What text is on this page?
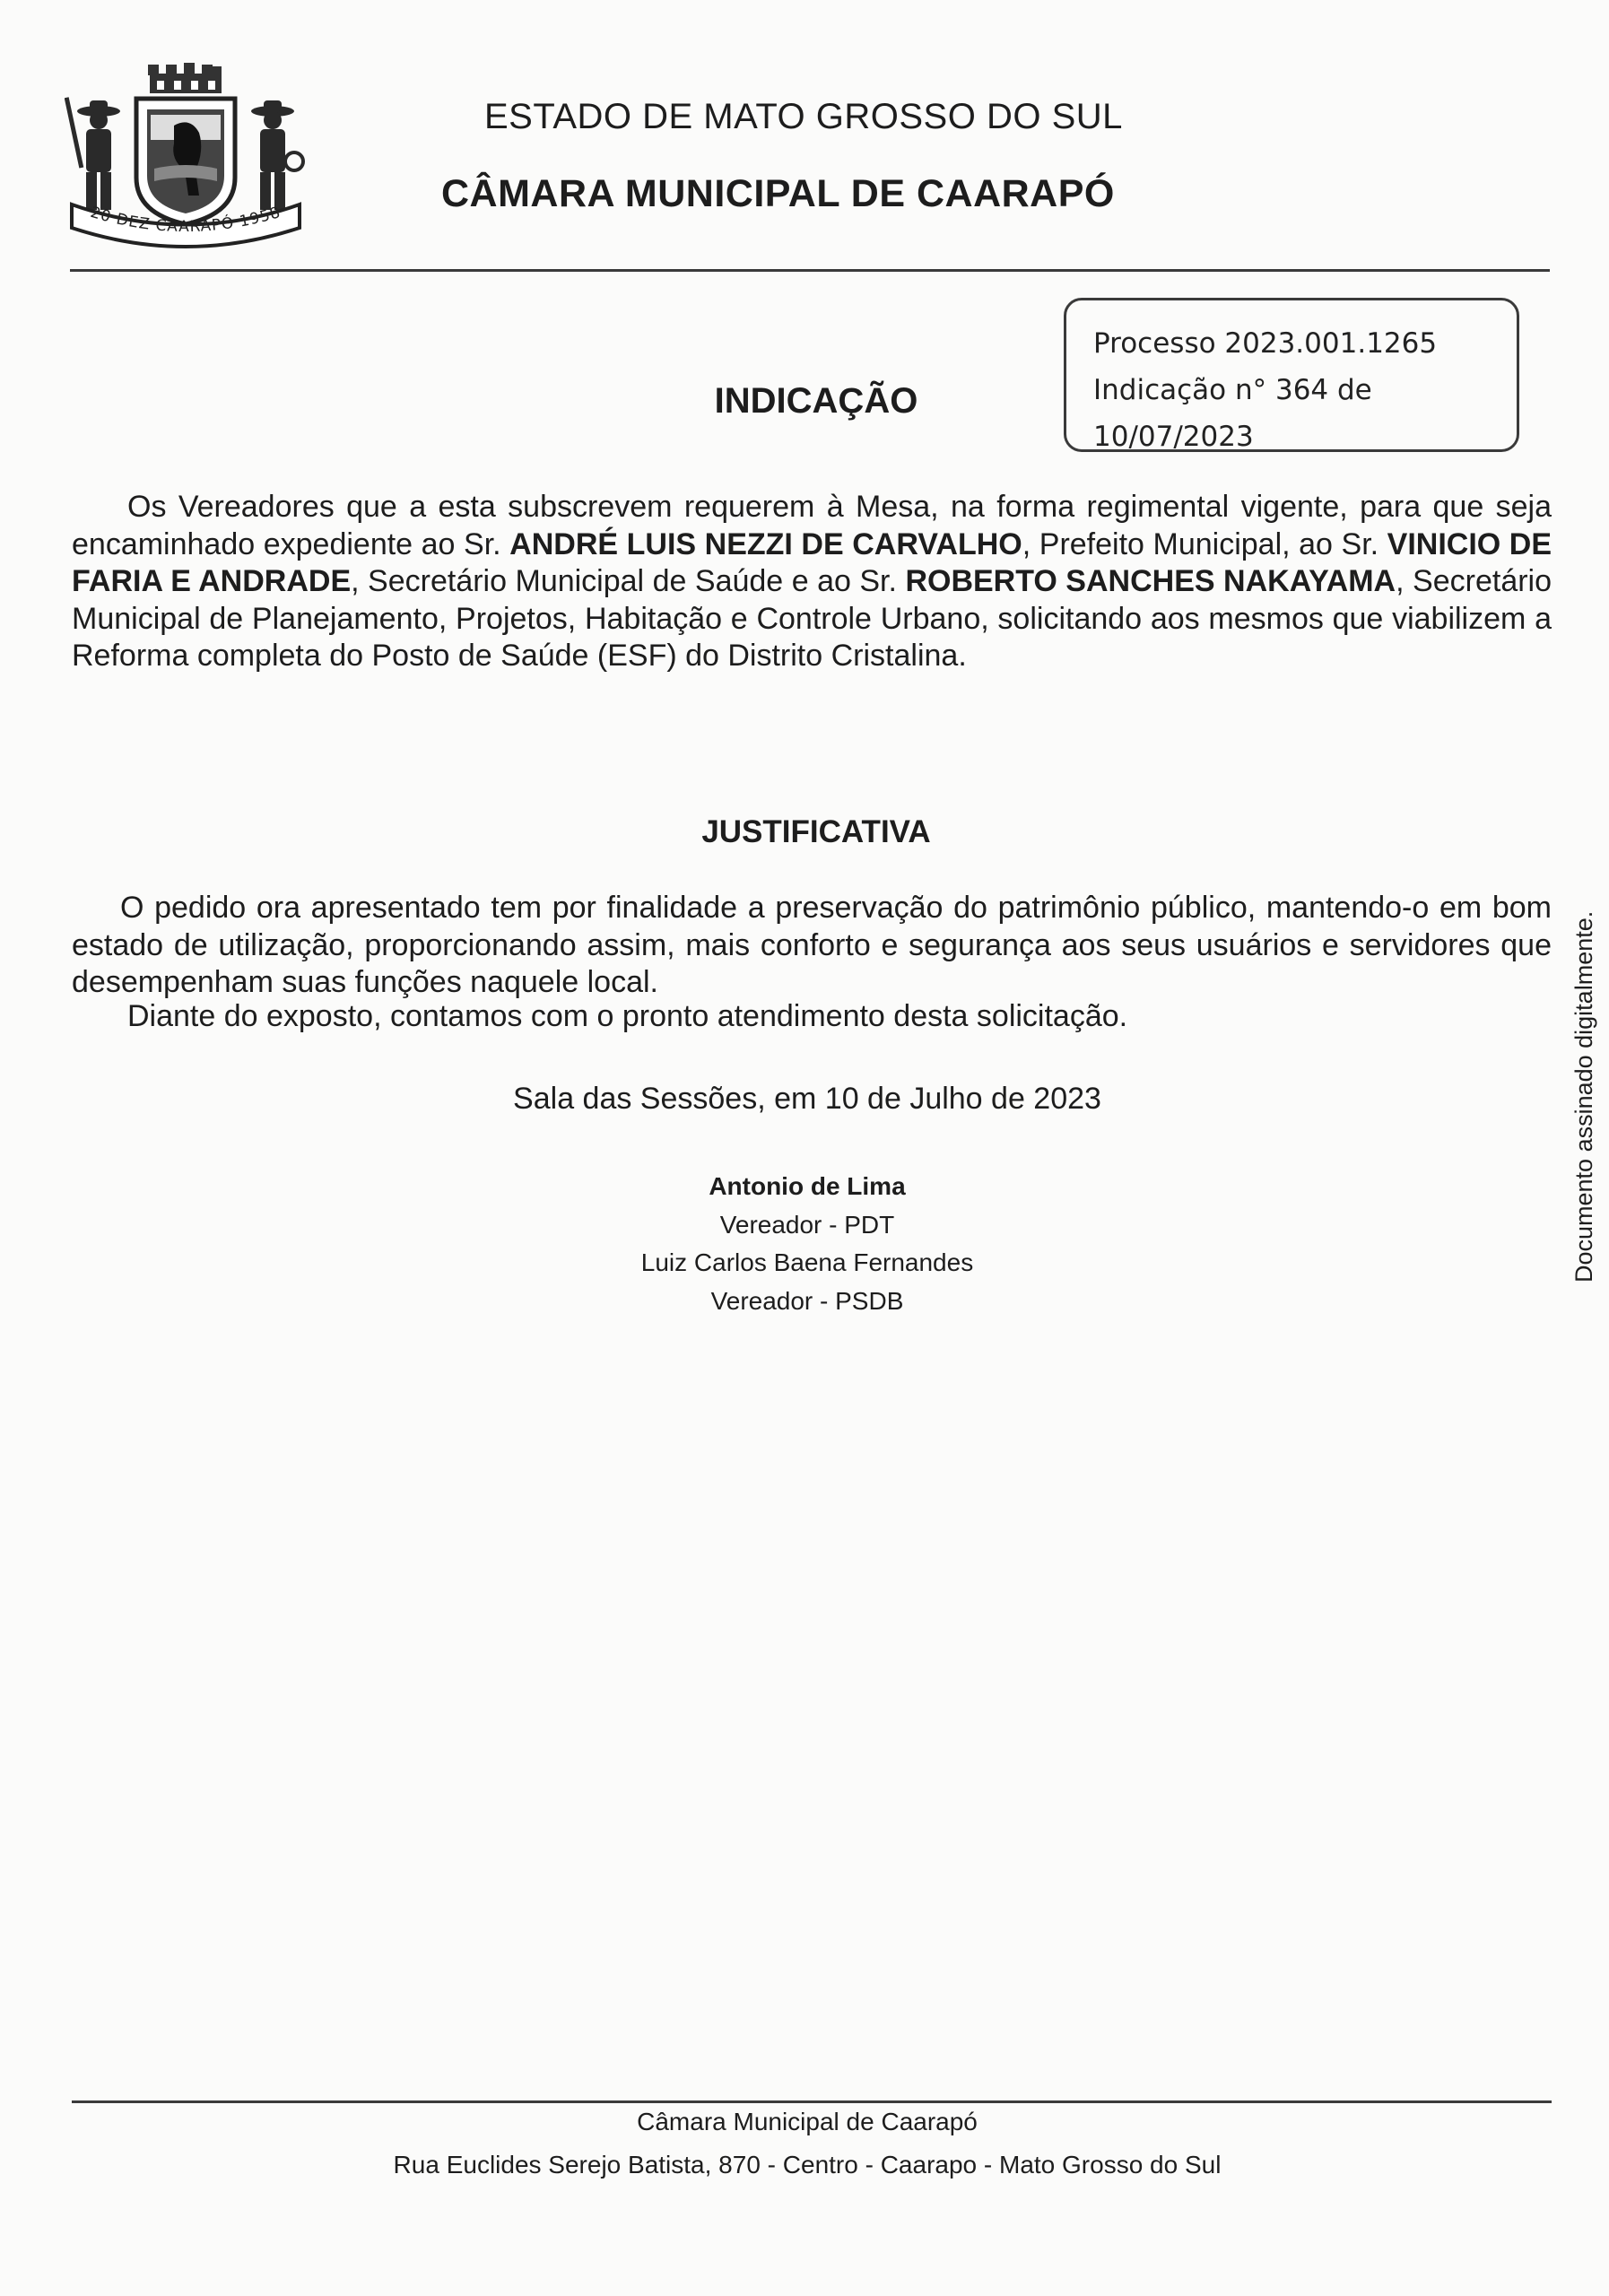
20 DEZ CAARAPÓ 1958
ESTADO DE MATO GROSSO DO SUL
CÂMARA MUNICIPAL DE CAARAPÓ
Processo 2023.001.1265
Indicação n° 364 de
10/07/2023
INDICAÇÃO
Os Vereadores que a esta subscrevem requerem à Mesa, na forma regimental vigente, para que seja encaminhado expediente ao Sr. ANDRÉ LUIS NEZZI DE CARVALHO, Prefeito Municipal, ao Sr. VINICIO DE FARIA E ANDRADE, Secretário Municipal de Saúde e ao Sr. ROBERTO SANCHES NAKAYAMA, Secretário Municipal de Planejamento, Projetos, Habitação e Controle Urbano, solicitando aos mesmos que viabilizem a Reforma completa do Posto de Saúde (ESF) do Distrito Cristalina.
JUSTIFICATIVA
O pedido ora apresentado tem por finalidade a preservação do patrimônio público, mantendo-o em bom estado de utilização, proporcionando assim, mais conforto e segurança aos seus usuários e servidores que desempenham suas funções naquele local.
Diante do exposto, contamos com o pronto atendimento desta solicitação.
Sala das Sessões, em 10 de Julho de 2023
Antonio de Lima
Vereador - PDT
Luiz Carlos Baena Fernandes
Vereador - PSDB
Documento assinado digitalmente.
Câmara Municipal de Caarapó
Rua Euclides Serejo Batista, 870 - Centro - Caarapo - Mato Grosso do Sul
